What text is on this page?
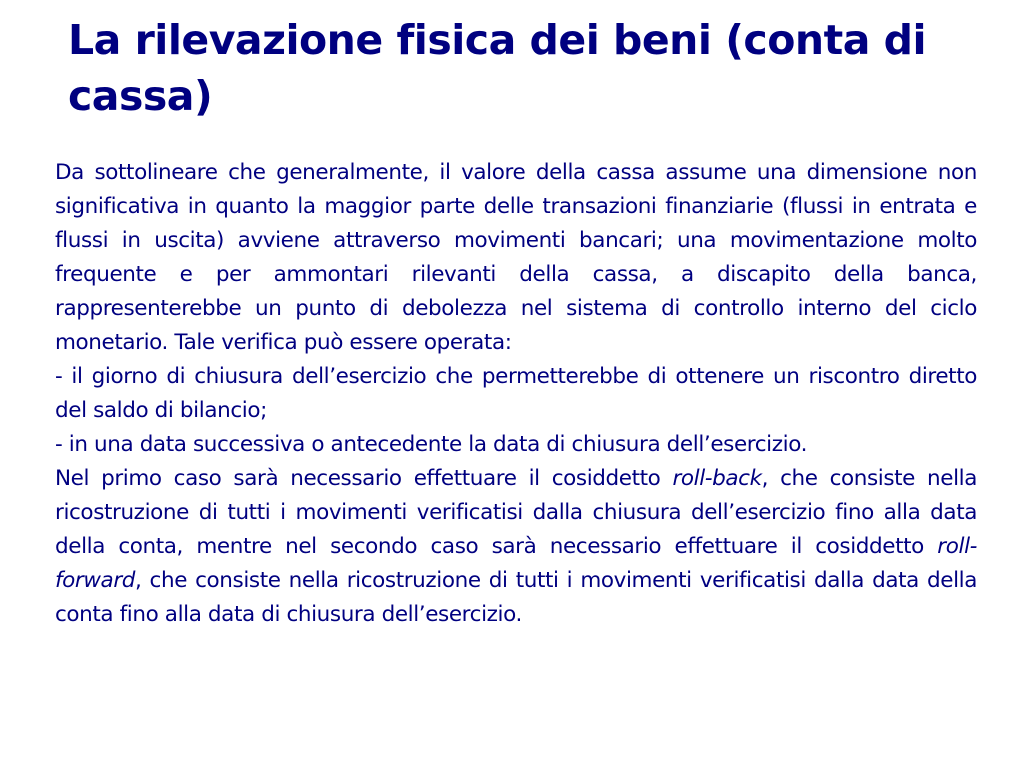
La rilevazione fisica dei beni (conta di cassa)

Da sottolineare che generalmente, il valore della cassa assume una dimensione non significativa in quanto la maggior parte delle transazioni finanziarie (flussi in entrata e flussi in uscita) avviene attraverso movimenti bancari; una movimentazione molto frequente e per ammontari rilevanti della cassa, a discapito della banca, rappresenterebbe un punto di debolezza nel sistema di controllo interno del ciclo monetario. Tale verifica può essere operata:

- il giorno di chiusura dell’esercizio che permetterebbe di ottenere un riscontro diretto del saldo di bilancio;

- in una data successiva o antecedente la data di chiusura dell’esercizio.

Nel primo caso sarà necessario effettuare il cosiddetto roll-back, che consiste nella ricostruzione di tutti i movimenti verificatisi dalla chiusura dell’esercizio fino alla data della conta, mentre nel secondo caso sarà necessario effettuare il cosiddetto roll-forward, che consiste nella ricostruzione di tutti i movimenti verificatisi dalla data della conta fino alla data di chiusura dell’esercizio.
